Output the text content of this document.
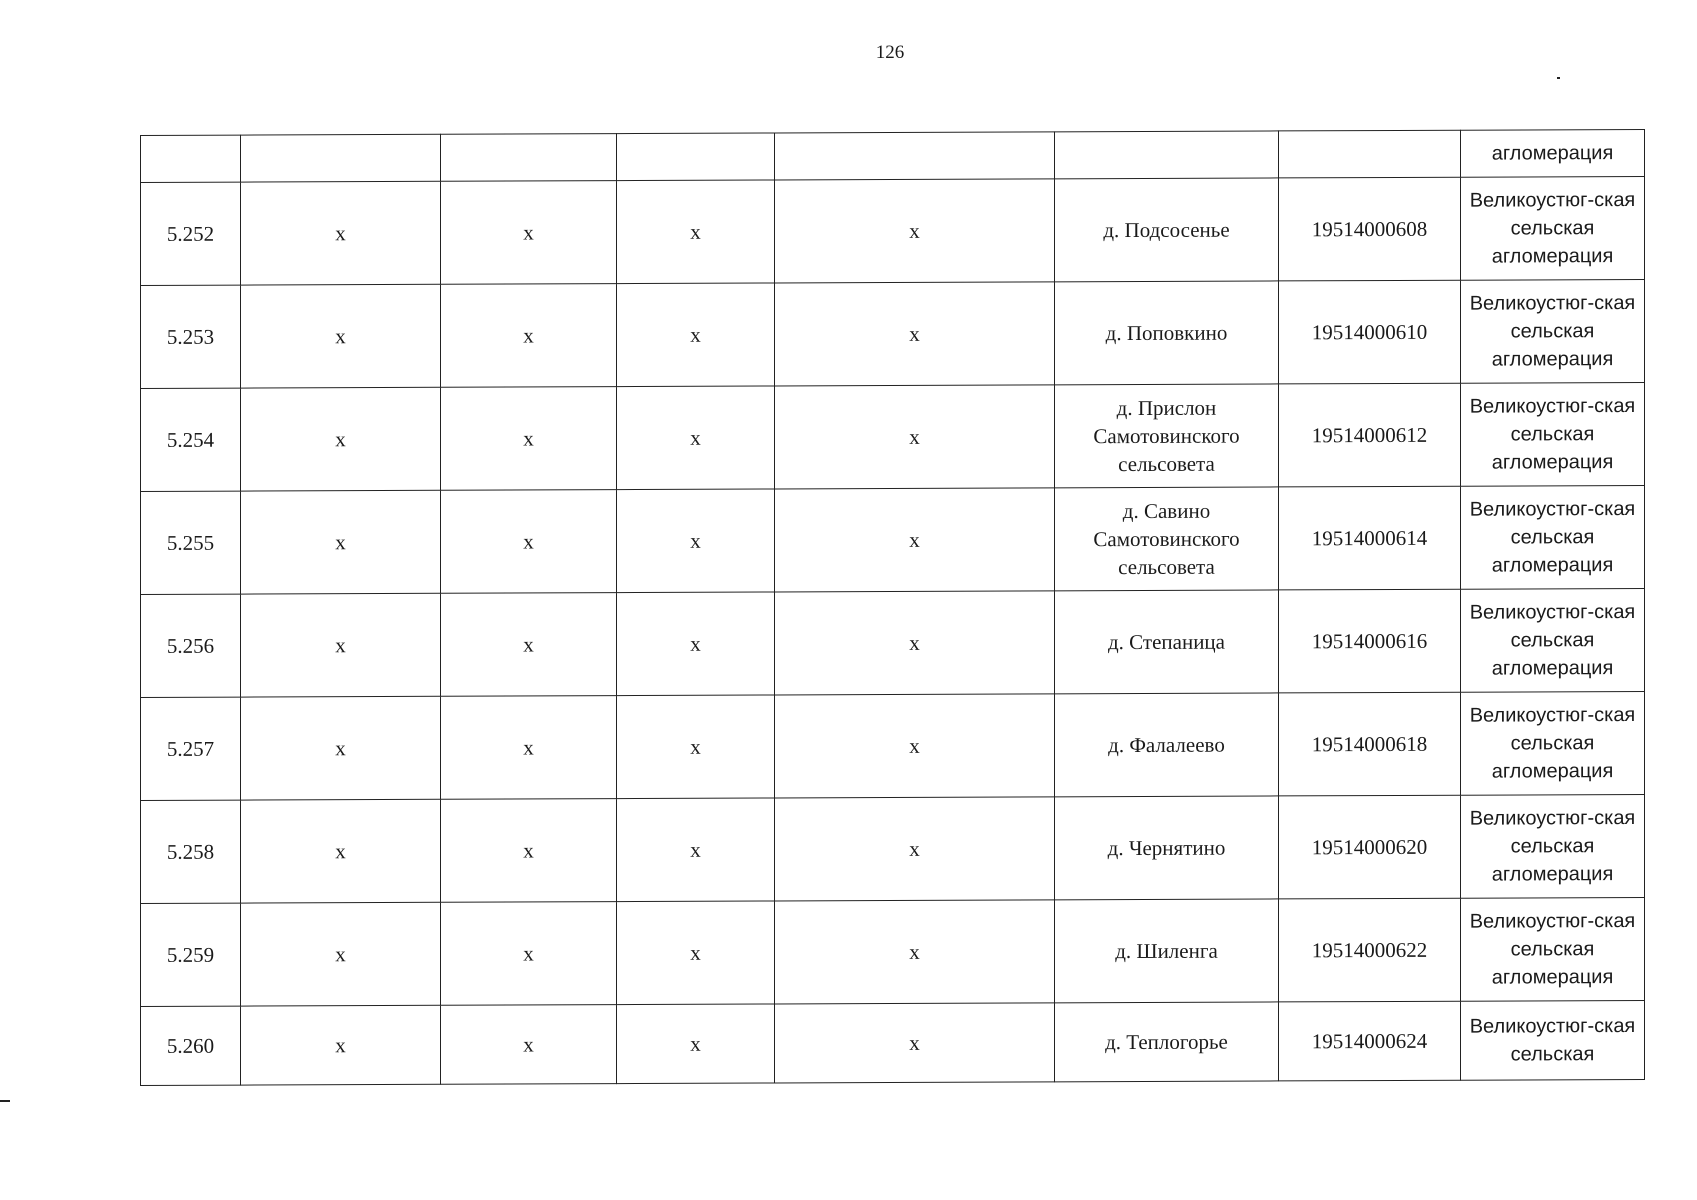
126
							агломерация
5.252	x	x	x	x	д. Подсосенье	19514000608	Великоустюг-ская сельская агломерация
5.253	x	x	x	x	д. Поповкино	19514000610	Великоустюг-ская сельская агломерация
5.254	x	x	x	x	д. Прислон Самотовинского сельсовета	19514000612	Великоустюг-ская сельская агломерация
5.255	x	x	x	x	д. Савино Самотовинского сельсовета	19514000614	Великоустюг-ская сельская агломерация
5.256	x	x	x	x	д. Степаница	19514000616	Великоустюг-ская сельская агломерация
5.257	x	x	x	x	д. Фалалеево	19514000618	Великоустюг-ская сельская агломерация
5.258	x	x	x	x	д. Чернятино	19514000620	Великоустюг-ская сельская агломерация
5.259	x	x	x	x	д. Шиленга	19514000622	Великоустюг-ская сельская агломерация
5.260	x	x	x	x	д. Теплогорье	19514000624	Великоустюг-ская сельская
